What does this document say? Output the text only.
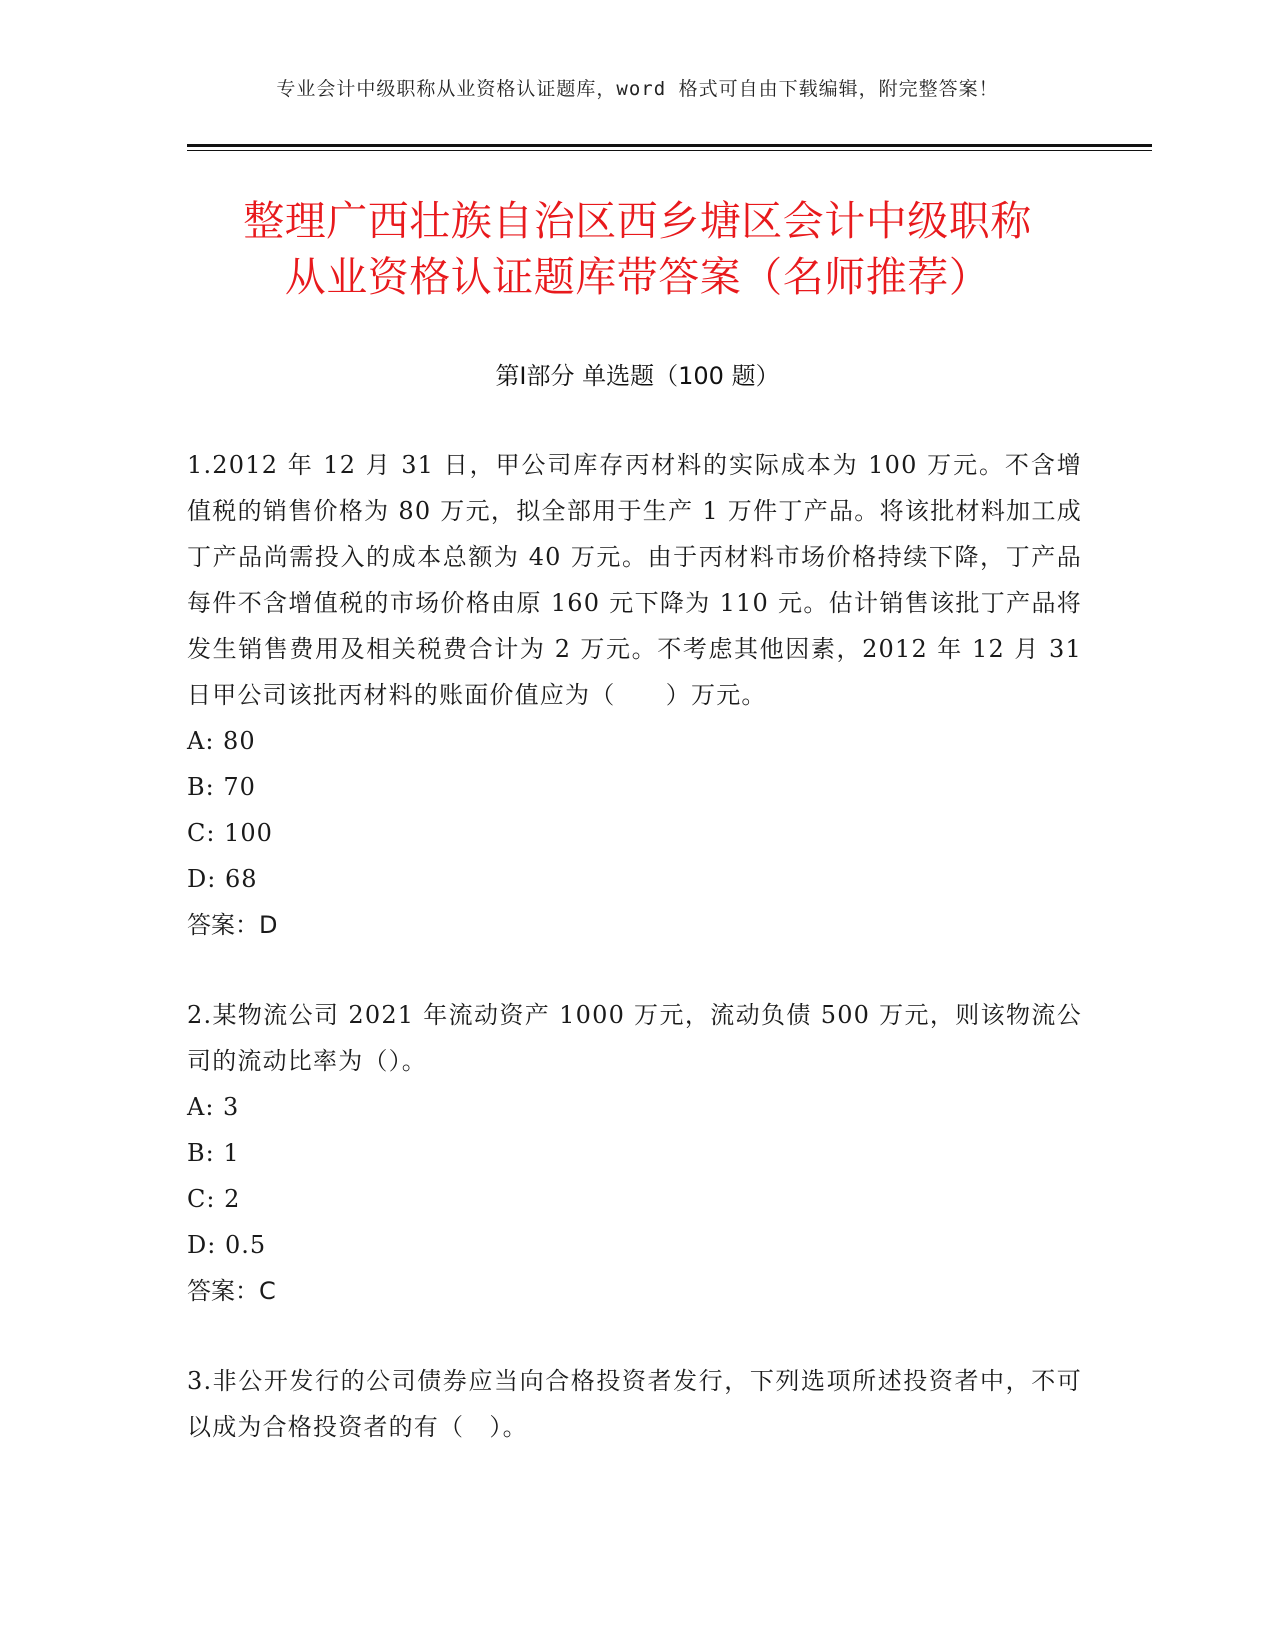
专业会计中级职称从业资格认证题库，word 格式可自由下载编辑，附完整答案！
整理广西壮族自治区西乡塘区会计中级职称
从业资格认证题库带答案（名师推荐）
第Ⅰ部分 单选题（100 题）

1.2012 年 12 月 31 日，甲公司库存丙材料的实际成本为 100 万元。不含增值税的销售价格为 80 万元，拟全部用于生产 1 万件丁产品。将该批材料加工成丁产品尚需投入的成本总额为 40 万元。由于丙材料市场价格持续下降，丁产品每件不含增值税的市场价格由原 160 元下降为 110 元。估计销售该批丁产品将发生销售费用及相关税费合计为 2 万元。不考虑其他因素，2012 年 12 月 31 日甲公司该批丙材料的账面价值应为（　　）万元。

A: 80

B: 70

C: 100

D: 68

答案：D

2.某物流公司 2021 年流动资产 1000 万元，流动负债 500 万元，则该物流公司的流动比率为（）。

A: 3

B: 1

C: 2

D: 0.5

答案：C

3.非公开发行的公司债券应当向合格投资者发行，下列选项所述投资者中，不可以成为合格投资者的有（　）。
